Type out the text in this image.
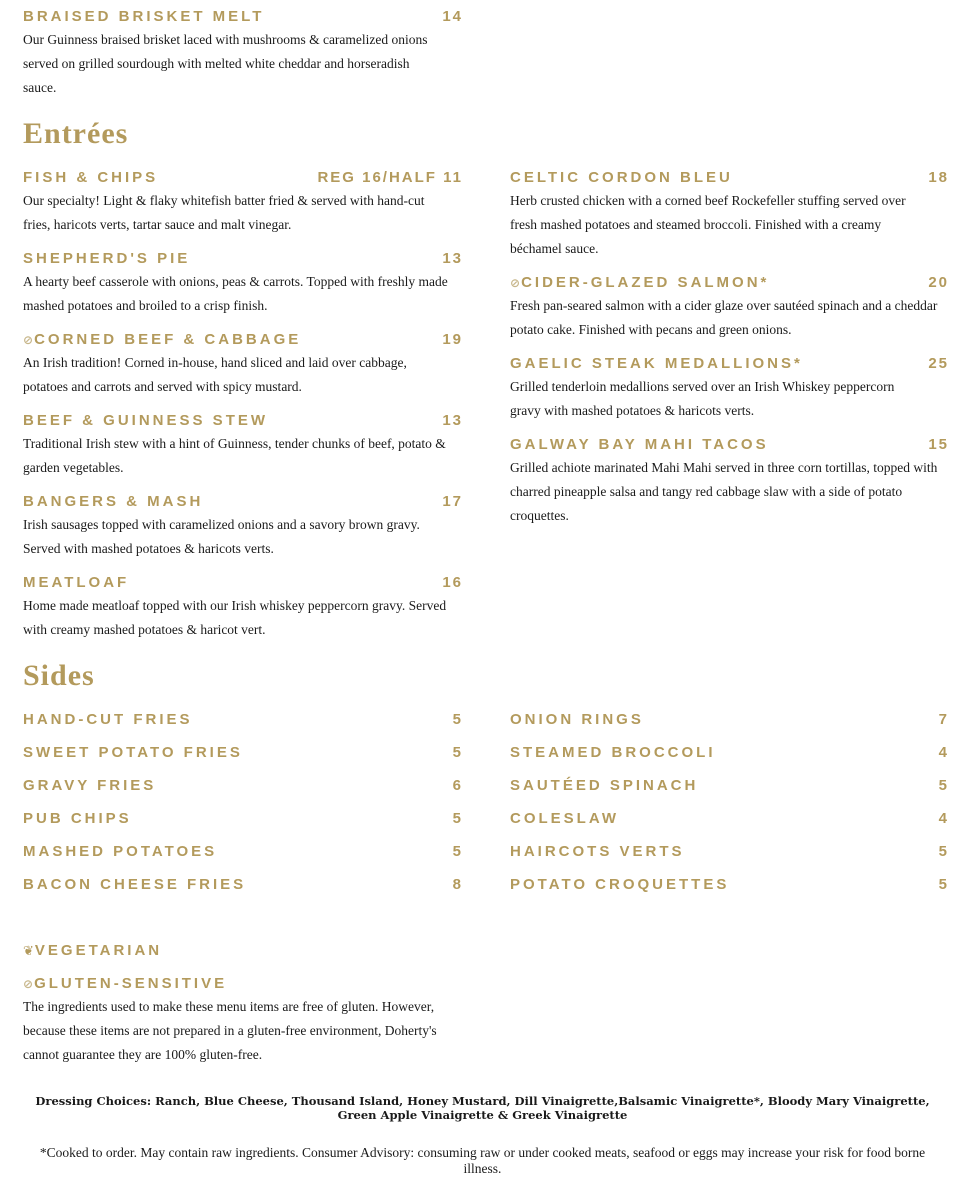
BRAISED BRISKET MELT	14
Our Guinness braised brisket laced with mushrooms & caramelized onions served on grilled sourdough with melted white cheddar and horseradish sauce.
Entrées
FISH & CHIPS	REG 16/HALF 11
Our specialty! Light & flaky whitefish batter fried & served with hand-cut fries, haricots verts, tartar sauce and malt vinegar.
SHEPHERD'S PIE	13
A hearty beef casserole with onions, peas & carrots. Topped with freshly made mashed potatoes and broiled to a crisp finish.
⊘CORNED BEEF & CABBAGE	19
An Irish tradition! Corned in-house, hand sliced and laid over cabbage, potatoes and carrots and served with spicy mustard.
BEEF & GUINNESS STEW	13
Traditional Irish stew with a hint of Guinness, tender chunks of beef, potato & garden vegetables.
BANGERS & MASH	17
Irish sausages topped with caramelized onions and a savory brown gravy. Served with mashed potatoes & haricots verts.
MEATLOAF	16
Home made meatloaf topped with our Irish whiskey peppercorn gravy. Served with creamy mashed potatoes & haricot vert.
CELTIC CORDON BLEU	18
Herb crusted chicken with a corned beef Rockefeller stuffing served over fresh mashed potatoes and steamed broccoli. Finished with a creamy béchamel sauce.
⊘CIDER-GLAZED SALMON*	20
Fresh pan-seared salmon with a cider glaze over sautéed spinach and a cheddar potato cake. Finished with pecans and green onions.
GAELIC STEAK MEDALLIONS*	25
Grilled tenderloin medallions served over an Irish Whiskey peppercorn gravy with mashed potatoes & haricots verts.
GALWAY BAY MAHI TACOS	15
Grilled achiote marinated Mahi Mahi served in three corn tortillas, topped with charred pineapple salsa and tangy red cabbage slaw with a side of potato croquettes.
Sides
HAND-CUT FRIES	5
SWEET POTATO FRIES	5
GRAVY FRIES	6
PUB CHIPS	5
MASHED POTATOES	5
BACON CHEESE FRIES	8
ONION RINGS	7
STEAMED BROCCOLI	4
SAUTÉED SPINACH	5
COLESLAW	4
HAIRCOTS VERTS	5
POTATO CROQUETTES	5
❦VEGETARIAN
⊘GLUTEN-SENSITIVE
The ingredients used to make these menu items are free of gluten. However, because these items are not prepared in a gluten-free environment, Doherty's cannot guarantee they are 100% gluten-free.
Dressing Choices: Ranch, Blue Cheese, Thousand Island, Honey Mustard, Dill Vinaigrette,Balsamic Vinaigrette*, Bloody Mary Vinaigrette, Green Apple Vinaigrette & Greek Vinaigrette
*Cooked to order. May contain raw ingredients. Consumer Advisory: consuming raw or under cooked meats, seafood or eggs may increase your risk for food borne illness.
